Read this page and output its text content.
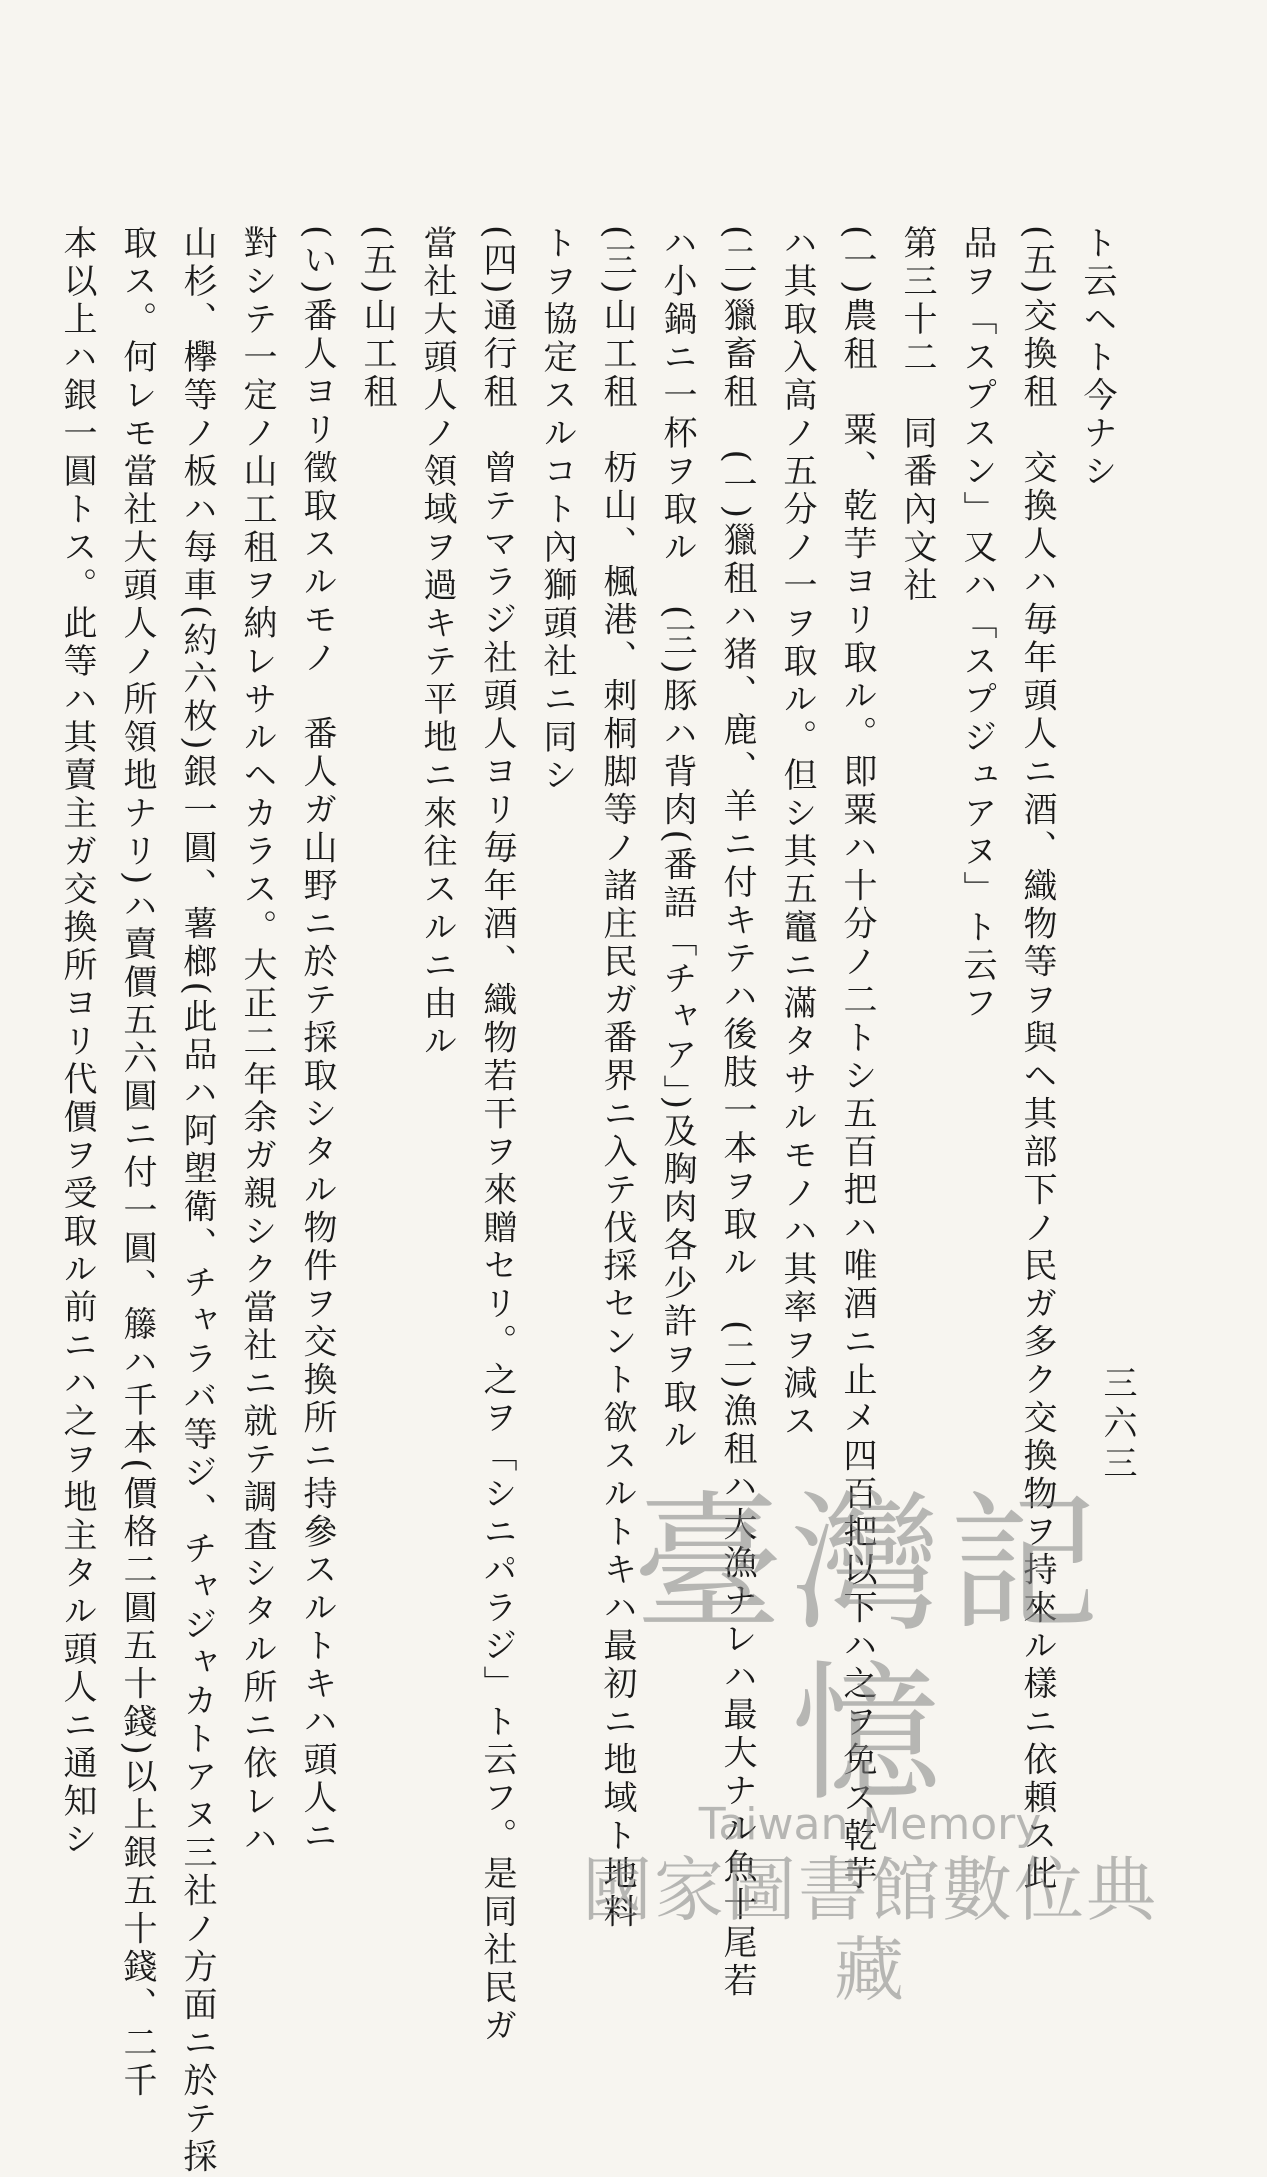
ト云ヘト今ナシ

(五)交換租　交換人ハ毎年頭人ニ酒、織物等ヲ與ヘ其部下ノ民ガ多ク交換物ヲ持來ル樣ニ依頼ス此

品ヲ「スプスン」又ハ「スプジュアヌ」ト云フ

第三十二　同番內文社

(一)農租　粟、乾芋ヨリ取ル。即粟ハ十分ノ二トシ五百把ハ唯酒ニ止メ四百把以下ハ之ヲ免ス乾芋

ハ其取入高ノ五分ノ一ヲ取ル。但シ其五竈ニ滿タサルモノハ其率ヲ減ス

(二)獵畜租　(一)獵租ハ猪、鹿、羊ニ付キテハ後肢一本ヲ取ル　(二)漁租ハ大漁ナレハ最大ナル魚十尾若

ハ小鍋ニ一杯ヲ取ル　(三)豚ハ背肉(番語「チャア」)及胸肉各少許ヲ取ル

(三)山工租　杤山、楓港、刺桐脚等ノ諸庄民ガ番界ニ入テ伐採セント欲スルトキハ最初ニ地域ト地料

トヲ協定スルコト內獅頭社ニ同シ

(四)通行租　曾テマラジ社頭人ヨリ毎年酒、織物若干ヲ來贈セリ。之ヲ「シニパラジ」ト云フ。是同社民ガ

當社大頭人ノ領域ヲ過キテ平地ニ來往スルニ由ル

(五)山工租

(い)番人ヨリ徵取スルモノ　番人ガ山野ニ於テ採取シタル物件ヲ交換所ニ持參スルトキハ頭人ニ

對シテ一定ノ山工租ヲ納レサルヘカラス。大正二年余ガ親シク當社ニ就テ調査シタル所ニ依レハ

山杉、欅等ノ板ハ每車(約六枚)銀一圓、薯榔(此品ハ阿塱衛、チャラバ等ジ、チャジャカトアヌ三社ノ方面ニ於テ採

取ス。何レモ當社大頭人ノ所領地ナリ)ハ賣價五六圓ニ付一圓、籐ハ千本(價格二圓五十錢)以上銀五十錢、二千

本以上ハ銀一圓トス。此等ハ其賣主ガ交換所ヨリ代價ヲ受取ル前ニハ之ヲ地主タル頭人ニ通知シ	三六三
臺灣記憶
Taiwan Memory
國家圖書館數位典藏
